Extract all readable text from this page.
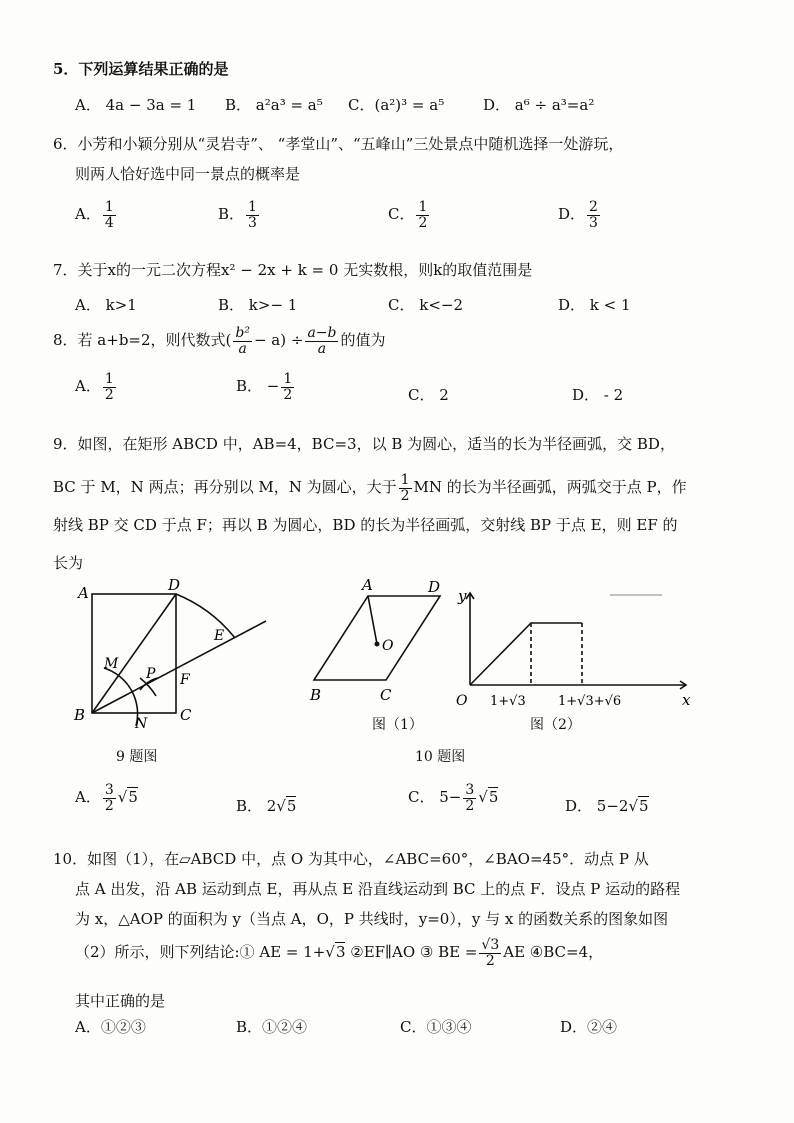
5．下列运算结果正确的是
A． 4a − 3a = 1 B． a²a³ = a⁵ C．(a²)³ = a⁵	D． a⁶ ÷ a³=a²
6．小芳和小颖分别从“灵岩寺”、 “孝堂山”、“五峰山”三处景点中随机选择一处游玩，
则两人恰好选中同一景点的概率是
A． $\frac{1}{4}$	B． $\frac{1}{3}$	C． $\frac{1}{2}$	D． $\frac{2}{3}$
7．关于x的一元二次方程x² − 2x + k = 0 无实数根，则k的取值范围是
A． k>1	B． k>− 1	C． k<−2	D． k < 1
8．若 a+b=2，则代数式( $\frac{\text{b²}}{a} - a) \div \frac{a-b}{a}$ 的值为
A． $\frac{1}{2}$	B． − $\frac{1}{2}$	C． 2	D． - 2
9．如图，在矩形 ABCD 中，AB=4，BC=3，以 B 为圆心，适当的长为半径画弧，交 BD，
BC 于 M，N 两点；再分别以 M，N 为圆心，大于 $\frac{1}{2}$ MN 的长为半径画弧，两弧交于点 P，作
射线 BP 交 CD 于点 F；再以 B 为圆心，BD 的长为半径画弧，交射线 BP 于点 E，则 EF 的
长为
A	D
B	C
M
N
P F
E
9 题图
A	D
O
B	C
图（1）
y
x
O 1+√3 1+√3+√6
图（2）
10 题图
A． $\frac{3}{2} √5$	B． 2√5	C． $5- \frac{3}{2} √5$	D． 5−2√5
10．如图（1），在▱ABCD 中，点 O 为其中心，∠ABC=60°，∠BAO=45°．动点 P 从
点 A 出发，沿 AB 运动到点 E，再从点 E 沿直线运动到 BC 上的点 F．设点 P 运动的路程
为 x，△AOP 的面积为 y（当点 A，O，P 共线时，y=0），y 与 x 的函数关系的图象如图
（2）所示，则下列结论:① AE = 1+√3 ②EF∥AO ③ BE = $\frac{√3}{2}$ AE ④BC=4，
其中正确的是
A．①②③	B．①②④	C．①③④	D．②④
